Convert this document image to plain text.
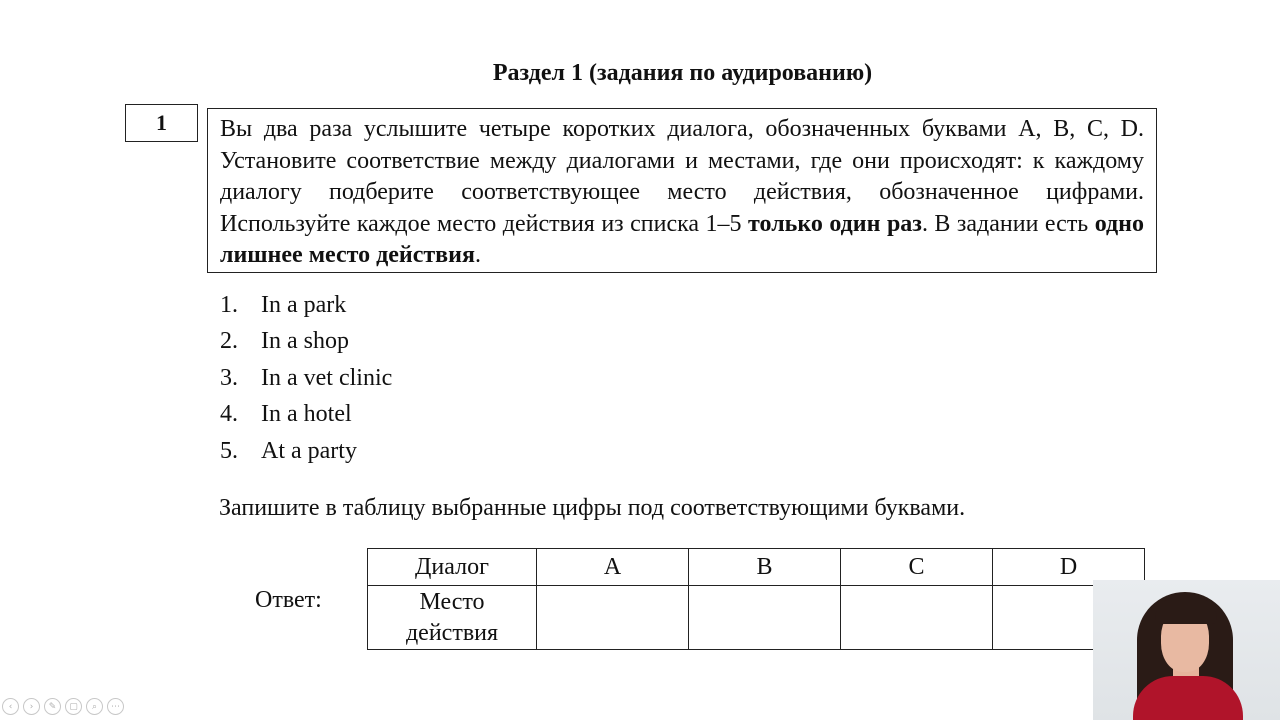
Раздел 1 (задания по аудированию)
1	Вы два раза услышите четыре коротких диалога, обозначенных буквами A, B, C, D. Установите соответствие между диалогами и местами, где они происходят: к каждому диалогу подберите соответствующее место действия, обозначенное цифрами. Используйте каждое место действия из списка 1–5 только один раз. В задании есть одно лишнее место действия.
1. In a park
2. In a shop
3. In a vet clinic
4. In a hotel
5. At a party
Запишите в таблицу выбранные цифры под соответствующими буквами.
Ответ:
Диалог	A	B	C	D
Место
действия				
‹	›	✎	▢	⌕	⋯
